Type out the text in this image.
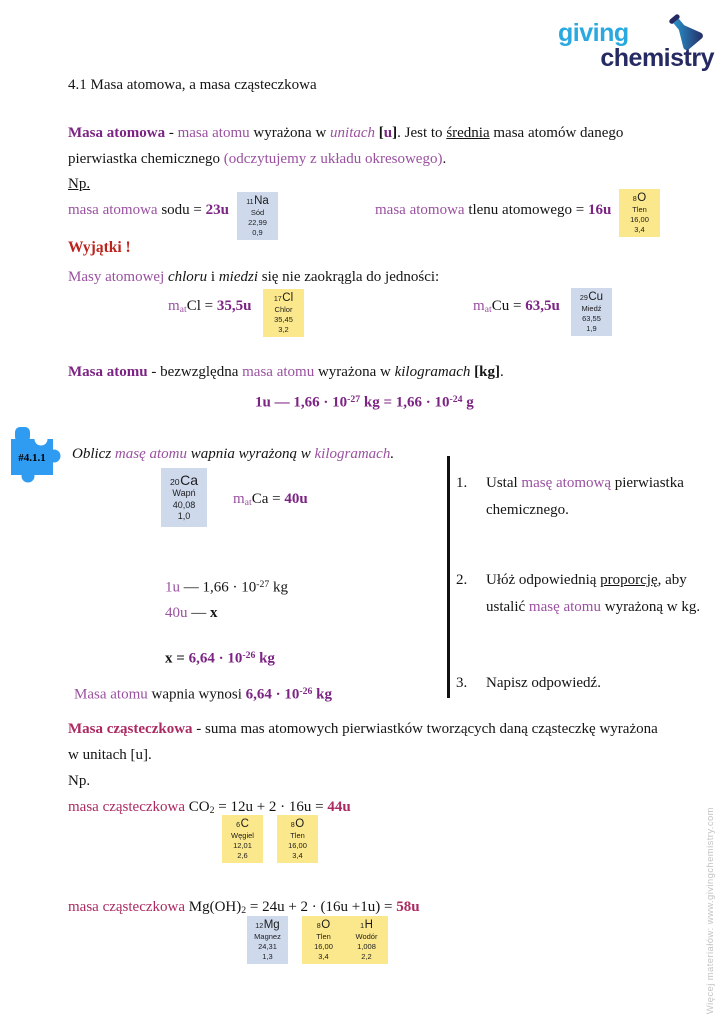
giving
chemistry
4.1 Masa atomowa, a masa cząsteczkowa
Masa atomowa - masa atomu wyrażona w unitach [u]. Jest to średnia masa atomów danego
pierwiastka chemicznego (odczytujemy z układu okresowego).
Np.
masa atomowa sodu = 23u
11Na
Sód
22,99
0,9
masa atomowa tlenu atomowego = 16u
8O
Tlen
16,00
3,4
Wyjątki !
Masy atomowej chloru i miedzi się nie zaokrągla do jedności:
matCl = 35,5u	17Cl
Chlor
35,45
3,2
matCu = 63,5u
29Cu
Miedź
63,55
1,9
Masa atomu - bezwzględna masa atomu wyrażona w kilogramach [kg].
1u — $1,66 \cdot 10^{-27}$ kg = $1,66 \cdot 10^{-24}$ g
#4.1.1	Oblicz masę atomu wapnia wyrażoną w kilogramach.
20Ca
Wapń
40,08
1,0
matCa = 40u
1u — $1,66 \cdot 10^{-27}$ kg
40u — x
$x = 6,64 \cdot 10^{-26}$ kg
Masa atomu wapnia wynosi $6,64 \cdot 10^{-26}$ kg
1.	Ustal masę atomową pierwiastka chemicznego.
2.	Ułóż odpowiednią proporcję, aby ustalić masę atomu wyrażoną w kg.
3.	Napisz odpowiedź.
Masa cząsteczkowa - suma mas atomowych pierwiastków tworzących daną cząsteczkę wyrażona
w unitach [u].
Np.
masa cząsteczkowa CO2 = 12u + 2 · 16u = 44u
6C
Węgiel
12,01
2,6
8O
Tlen
16,00
3,4
masa cząsteczkowa Mg(OH)2 = 24u + 2 · (16u +1u) = 58u
12Mg
Magnez
24,31
1,3
8O
Tlen
16,00
3,4
1H
Wodór
1,008
2,2	Więcej materiałów: www.givingchemistry.com
